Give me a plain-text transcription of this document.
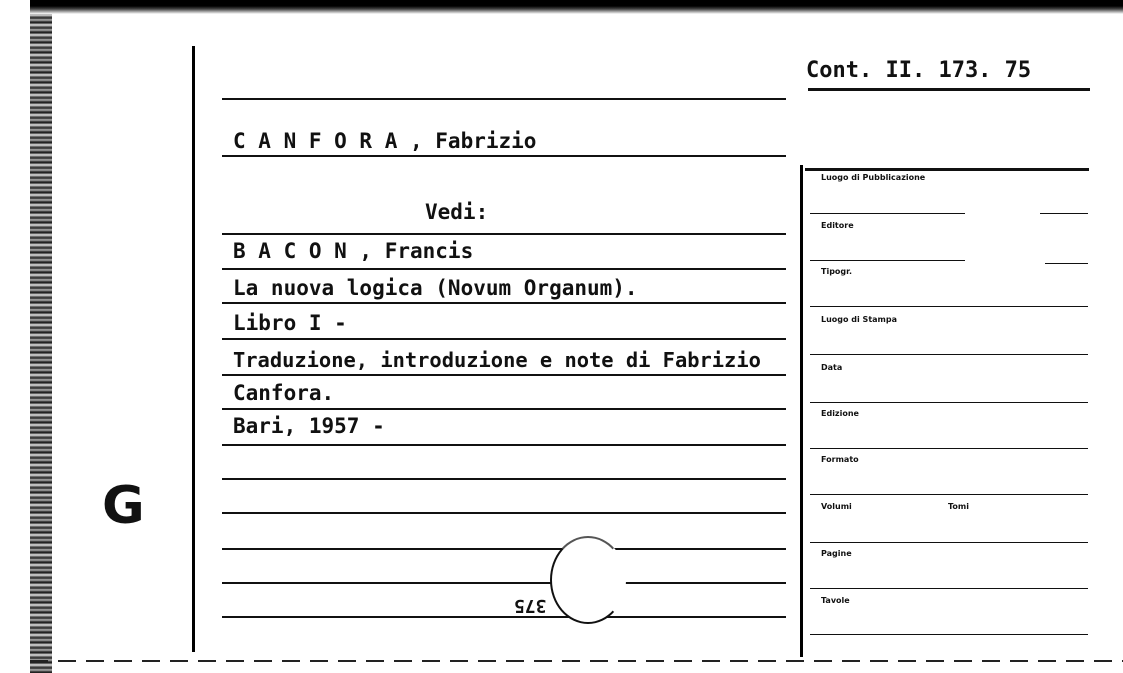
Cont. II. 173. 75
C A N F O R A , Fabrizio
Vedi:
B A C O N , Francis
La nuova logica (Novum Organum).
Libro I -
Traduzione, introduzione e note di Fabrizio
Canfora.
Bari, 1957 -
G
375
Luogo di Pubblicazione
Editore
Tipogr.
Luogo di Stampa
Data
Edizione
Formato
Volumi	Tomi
Pagine
Tavole
